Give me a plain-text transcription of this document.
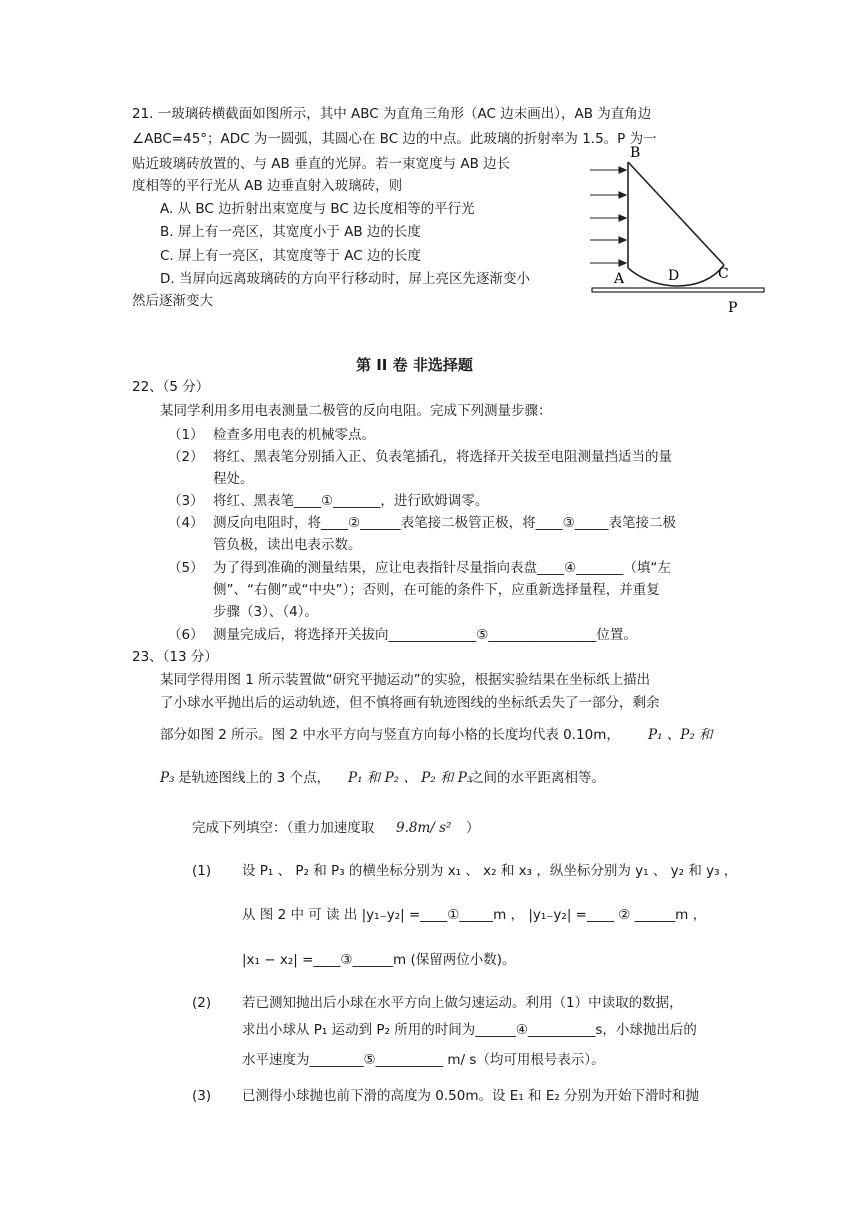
21. 一玻璃砖横截面如图所示，其中 ABC 为直角三角形（AC 边末画出），AB 为直角边
∠ABC=45°；ADC 为一圆弧，其圆心在 BC 边的中点。此玻璃的折射率为 1.5。P 为一
贴近玻璃砖放置的、与 AB 垂直的光屏。若一束宽度与 AB 边长
度相等的平行光从 AB 边垂直射入玻璃砖，则
A. 从 BC 边折射出束宽度与 BC 边长度相等的平行光
B. 屏上有一亮区，其宽度小于 AB 边的长度
C. 屏上有一亮区，其宽度等于 AC 边的长度
D. 当屏向远离玻璃砖的方向平行移动时，屏上亮区先逐渐变小
然后逐渐变大
B
A	D	C
P
第 II 卷 非选择题
22、（5 分）
某同学利用多用电表测量二极管的反向电阻。完成下列测量步骤：
（1） 检查多用电表的机械零点。
（2） 将红、黑表笔分别插入正、负表笔插孔，将选择开关拔至电阻测量挡适当的量
程处。
（3） 将红、黑表笔____①_______，进行欧姆调零。
（4） 测反向电阻时，将____②______表笔接二极管正极，将____③_____表笔接二极
管负极，读出电表示数。
（5） 为了得到准确的测量结果，应让电表指针尽量指向表盘____④_______（填“左
侧”、“右侧”或“中央”）；否则，在可能的条件下，应重新选择量程，并重复
步骤（3）、（4）。
（6） 测量完成后，将选择开关拔向_____________⑤________________位置。
23、（13 分）
某同学得用图 1 所示装置做“研究平抛运动”的实验，根据实验结果在坐标纸上描出
了小球水平抛出后的运动轨迹，但不慎将画有轨迹图线的坐标纸丢失了一部分，剩余
部分如图 2 所示。图 2 中水平方向与竖直方向每小格的长度均代表 0.10m， P₁ 、P₂ 和
P₃ 是轨迹图线上的 3 个点， P₁ 和 P₂ 、 P₂ 和 P₃
之间的水平距离相等。
完成下列填空：（重力加速度取 9.8m/ s² ）
(1) 设 P₁ 、 P₂ 和 P₃ 的横坐标分别为 x₁ 、 x₂ 和 x₃ ，纵坐标分别为 y₁ 、 y₂ 和 y₃ ，
从 图 2 中 可 读 出 |y₁₋y₂| =____①_____m ， |y₁₋y₂| =____ ② ______m ，
|x₁ − x₂| =____③______m (保留两位小数)。
(2) 若已测知抛出后小球在水平方向上做匀速运动。利用（1）中读取的数据，
求出小球从 P₁ 运动到 P₂ 所用的时间为______④__________s，小球抛出后的
水平速度为________⑤__________ m/ s（均可用根号表示）。
(3) 已测得小球抛也前下滑的高度为 0.50m。设 E₁ 和 E₂ 分别为开始下滑时和抛
